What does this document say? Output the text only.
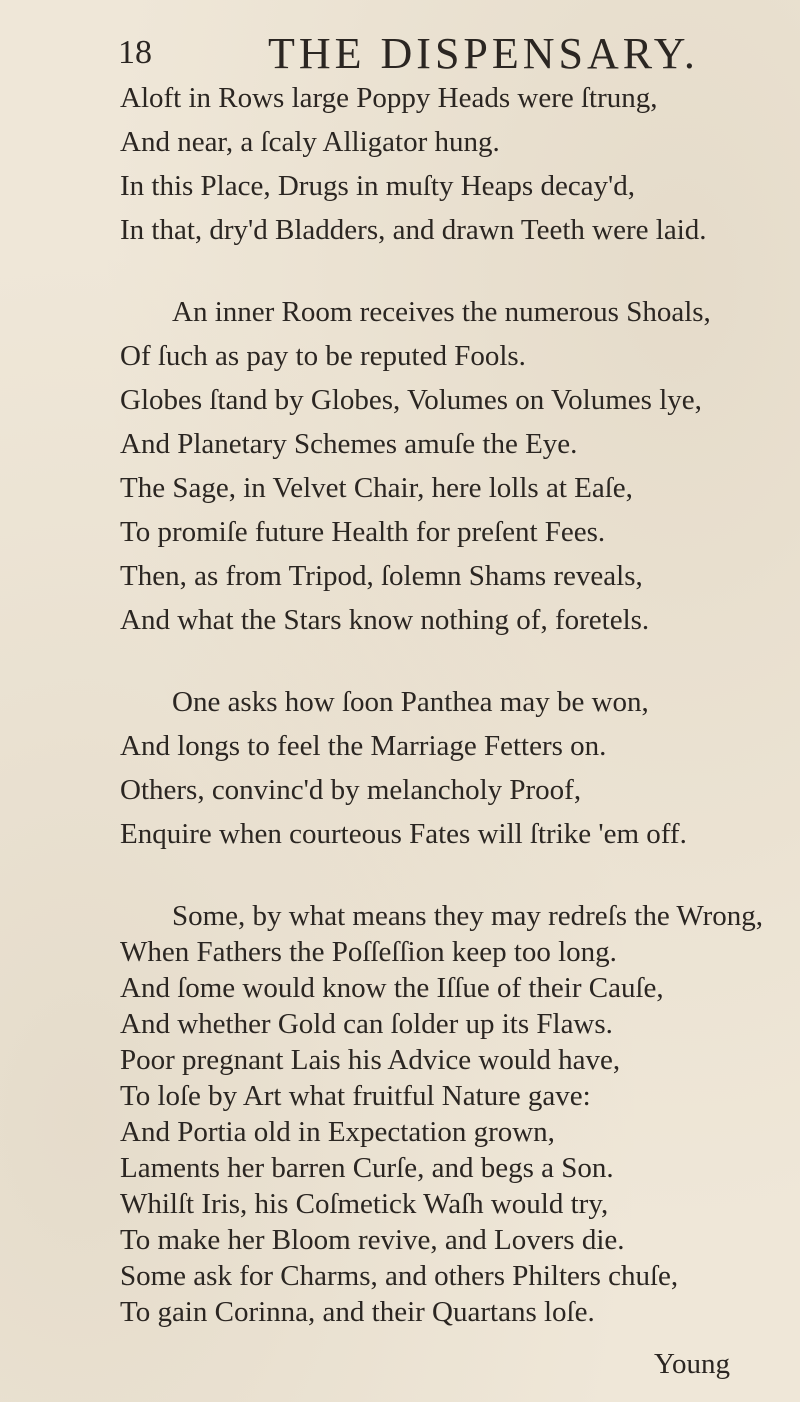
18	THE DISPENSARY.
Aloft in Rows large Poppy Heads were ſtrung,
And near, a ſcaly Alligator hung.
In this Place, Drugs in muſty Heaps decay'd,
In that, dry'd Bladders, and drawn Teeth were laid.
An inner Room receives the numerous Shoals,
Of ſuch as pay to be reputed Fools.
Globes ſtand by Globes, Volumes on Volumes lye,
And Planetary Schemes amuſe the Eye.
The Sage, in Velvet Chair, here lolls at Eaſe,
To promiſe future Health for preſent Fees.
Then, as from Tripod, ſolemn Shams reveals,
And what the Stars know nothing of, foretels.
One asks how ſoon Panthea may be won,
And longs to feel the Marriage Fetters on.
Others, convinc'd by melancholy Proof,
Enquire when courteous Fates will ſtrike 'em off.
Some, by what means they may redreſs the Wrong,
When Fathers the Poſſeſſion keep too long.
And ſome would know the Iſſue of their Cauſe,
And whether Gold can ſolder up its Flaws.
Poor pregnant Lais his Advice would have,
To loſe by Art what fruitful Nature gave:
And Portia old in Expectation grown,
Laments her barren Curſe, and begs a Son.
Whilſt Iris, his Coſmetick Waſh would try,
To make her Bloom revive, and Lovers die.
Some ask for Charms, and others Philters chuſe,
To gain Corinna, and their Quartans loſe.
Young
